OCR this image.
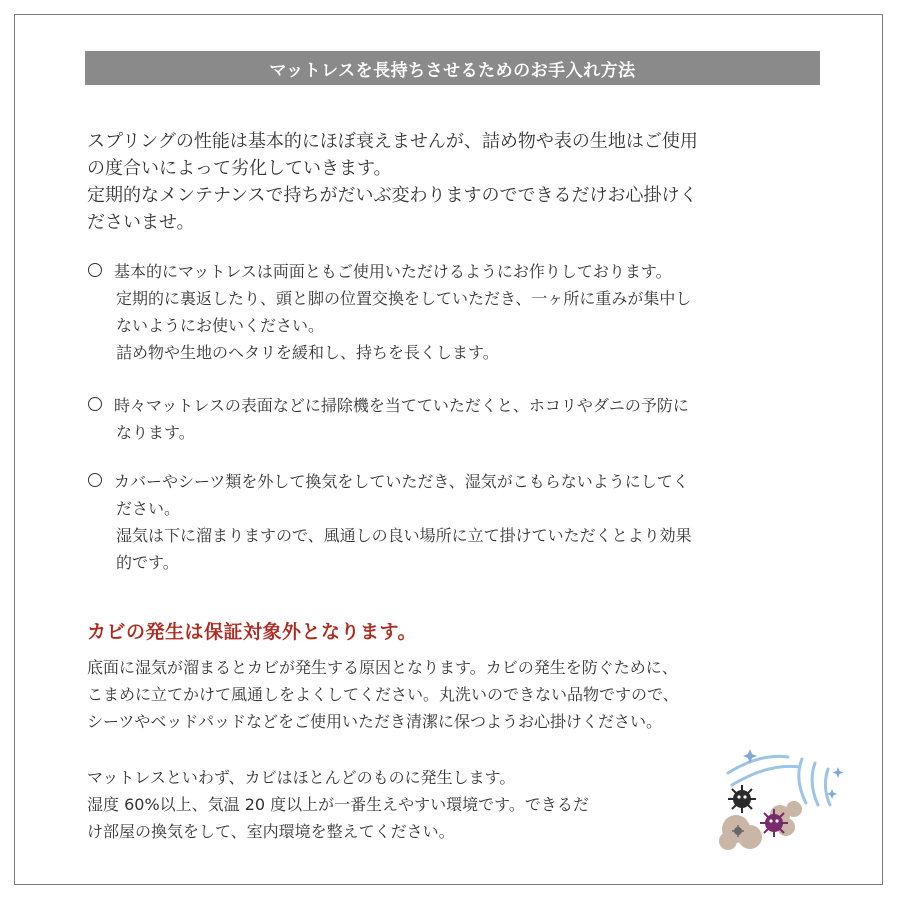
マットレスを長持ちさせるためのお手入れ方法
スプリングの性能は基本的にほぼ衰えませんが、詰め物や表の生地はご使用
の度合いによって劣化していきます。
定期的なメンテナンスで持ちがだいぶ変わりますのでできるだけお心掛けく
ださいませ。
基本的にマットレスは両面ともご使用いただけるようにお作りしております。
定期的に裏返したり、頭と脚の位置交換をしていただき、一ヶ所に重みが集中し
ないようにお使いください。
詰め物や生地のヘタリを緩和し、持ちを長くします。
時々マットレスの表面などに掃除機を当てていただくと、ホコリやダニの予防に
なります。
カバーやシーツ類を外して換気をしていただき、湿気がこもらないようにしてく
ださい。
湿気は下に溜まりますので、風通しの良い場所に立て掛けていただくとより効果
的です。
カビの発生は保証対象外となります。
底面に湿気が溜まるとカビが発生する原因となります。カビの発生を防ぐために、
こまめに立てかけて風通しをよくしてください。丸洗いのできない品物ですので、
シーツやベッドパッドなどをご使用いただき清潔に保つようお心掛けください。
マットレスといわず、カビはほとんどのものに発生します。
湿度 60%以上、気温 20 度以上が一番生えやすい環境です。できるだ
け部屋の換気をして、室内環境を整えてください。
